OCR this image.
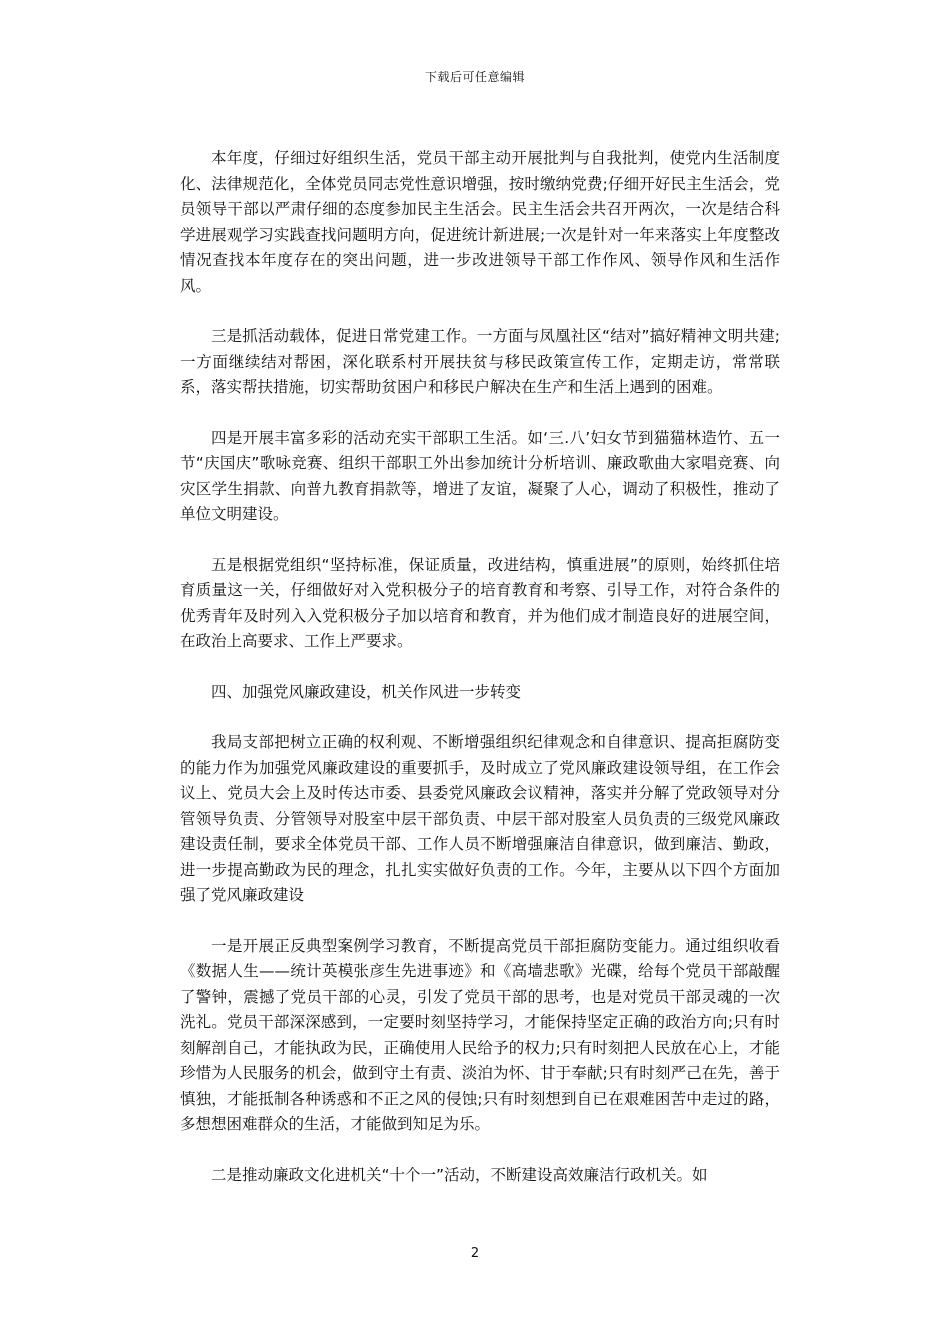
下载后可任意编辑

本年度，仔细过好组织生活，党员干部主动开展批判与自我批判，使党内生活制度化、法律规范化，全体党员同志党性意识增强，按时缴纳党费;仔细开好民主生活会，党员领导干部以严肃仔细的态度参加民主生活会。民主生活会共召开两次，一次是结合科学进展观学习实践查找问题明方向，促进统计新进展;一次是针对一年来落实上年度整改情况查找本年度存在的突出问题，进一步改进领导干部工作作风、领导作风和生活作风。

三是抓活动载体，促进日常党建工作。一方面与凤凰社区“结对”搞好精神文明共建;一方面继续结对帮困，深化联系村开展扶贫与移民政策宣传工作，定期走访，常常联系，落实帮扶措施，切实帮助贫困户和移民户解决在生产和生活上遇到的困难。

四是开展丰富多彩的活动充实干部职工生活。如‘三.八’妇女节到猫猫林造竹、五一节“庆国庆”歌咏竞赛、组织干部职工外出参加统计分析培训、廉政歌曲大家唱竞赛、向灾区学生捐款、向普九教育捐款等，增进了友谊，凝聚了人心，调动了积极性，推动了单位文明建设。

五是根据党组织“坚持标准，保证质量，改进结构，慎重进展”的原则，始终抓住培育质量这一关，仔细做好对入党积极分子的培育教育和考察、引导工作，对符合条件的优秀青年及时列入入党积极分子加以培育和教育，并为他们成才制造良好的进展空间，在政治上高要求、工作上严要求。

四、加强党风廉政建设，机关作风进一步转变

我局支部把树立正确的权利观、不断增强组织纪律观念和自律意识、提高拒腐防变的能力作为加强党风廉政建设的重要抓手，及时成立了党风廉政建设领导组，在工作会议上、党员大会上及时传达市委、县委党风廉政会议精神，落实并分解了党政领导对分管领导负责、分管领导对股室中层干部负责、中层干部对股室人员负责的三级党风廉政建设责任制，要求全体党员干部、工作人员不断增强廉洁自律意识，做到廉洁、勤政，进一步提高勤政为民的理念，扎扎实实做好负责的工作。今年，主要从以下四个方面加强了党风廉政建设

一是开展正反典型案例学习教育，不断提高党员干部拒腐防变能力。通过组织收看《数据人生——统计英模张彦生先进事迹》和《高墙悲歌》光碟，给每个党员干部敲醒了警钟，震撼了党员干部的心灵，引发了党员干部的思考，也是对党员干部灵魂的一次洗礼。党员干部深深感到，一定要时刻坚持学习，才能保持坚定正确的政治方向;只有时刻解剖自己，才能执政为民，正确使用人民给予的权力;只有时刻把人民放在心上，才能珍惜为人民服务的机会，做到守土有责、淡泊为怀、甘于奉献;只有时刻严己在先，善于慎独，才能抵制各种诱惑和不正之风的侵蚀;只有时刻想到自已在艰难困苦中走过的路，多想想困难群众的生活，才能做到知足为乐。

二是推动廉政文化进机关“十个一”活动，不断建设高效廉洁行政机关。如

2
